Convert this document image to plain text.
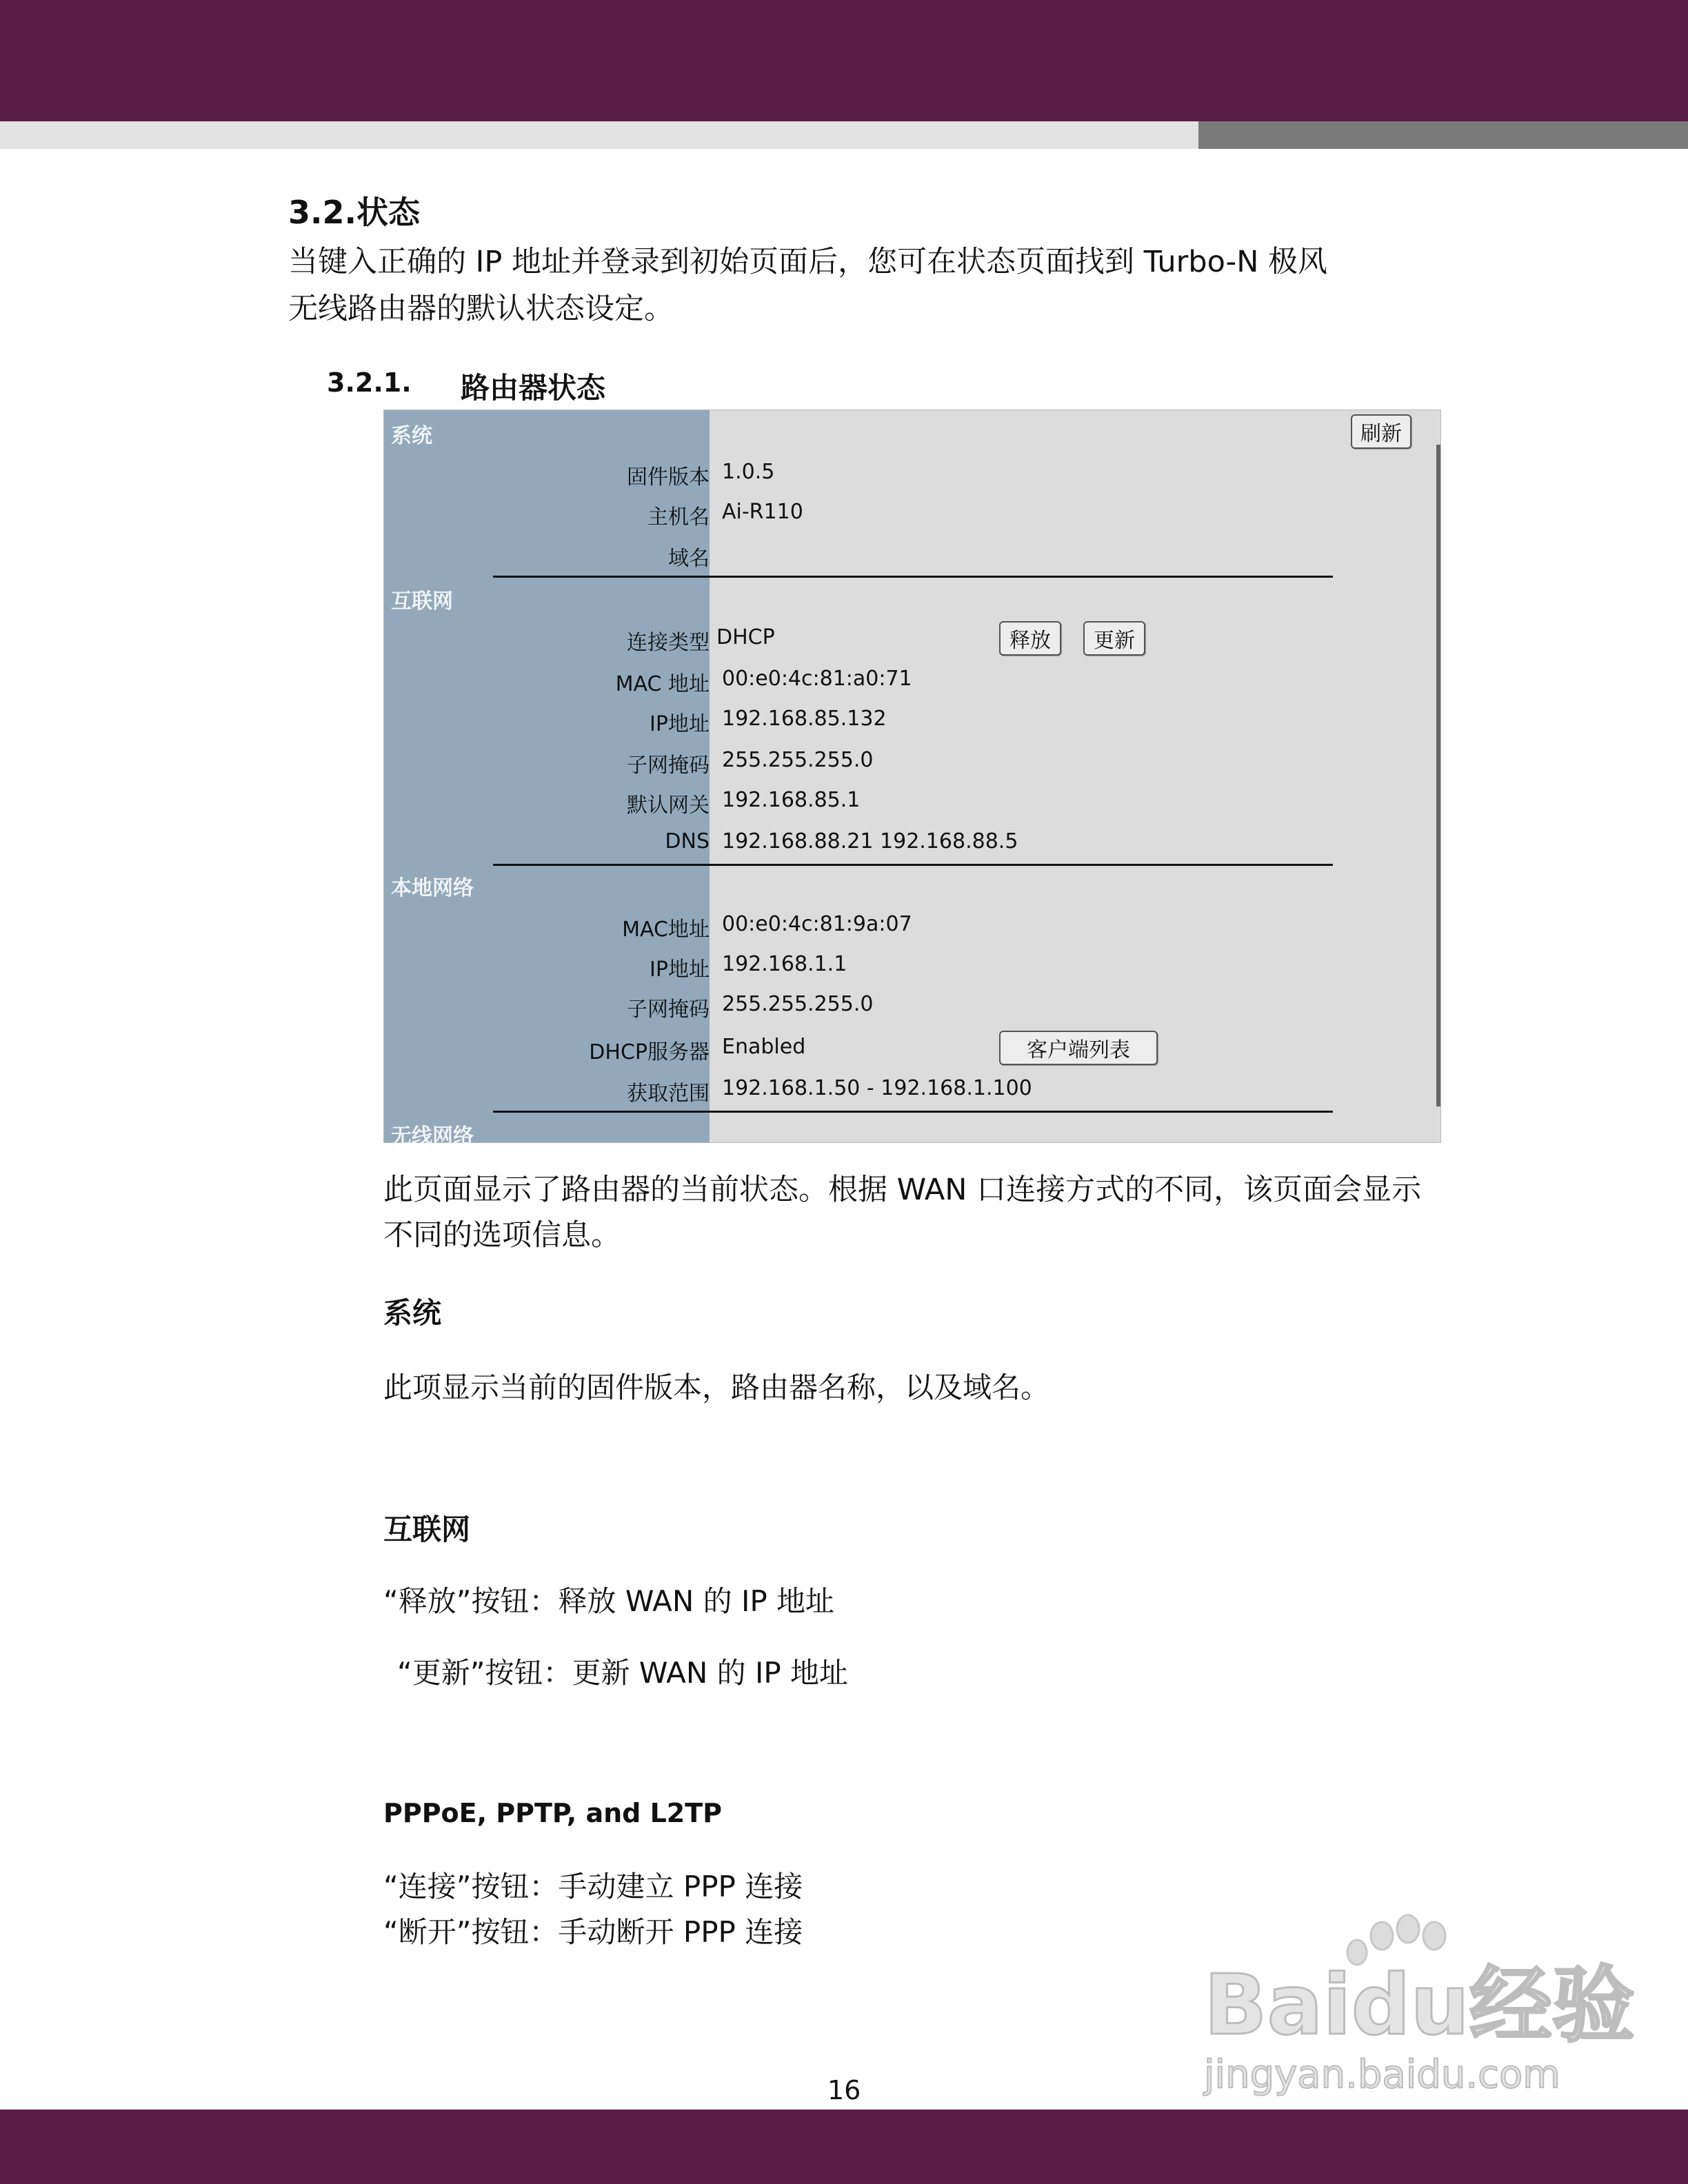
3.2.状态
当键入正确的 IP 地址并登录到初始页面后，您可在状态页面找到 Turbo-N 极风
无线路由器的默认状态设定。
3.2.1. 路由器状态
刷新
系统
固件版本 1.0.5
主机名 Ai-R110
域名
互联网
连接类型 DHCP	释放	更新
MAC 地址 00:e0:4c:81:a0:71
IP地址 192.168.85.132
子网掩码 255.255.255.0
默认网关 192.168.85.1
DNS 192.168.88.21 192.168.88.5
本地网络
MAC地址 00:e0:4c:81:9a:07
IP地址 192.168.1.1
子网掩码 255.255.255.0
DHCP服务器 Enabled	客户端列表
获取范围 192.168.1.50 - 192.168.1.100
无线网络
此页面显示了路由器的当前状态。根据 WAN 口连接方式的不同，该页面会显示
不同的选项信息。
系统
此项显示当前的固件版本，路由器名称，以及域名。
互联网
“释放”按钮：释放 WAN 的 IP 地址
“更新”按钮：更新 WAN 的 IP 地址
PPPoE, PPTP, and L2TP
“连接”按钮：手动建立 PPP 连接
“断开”按钮：手动断开 PPP 连接
Baidu经验
jingyan.baidu.com
16
